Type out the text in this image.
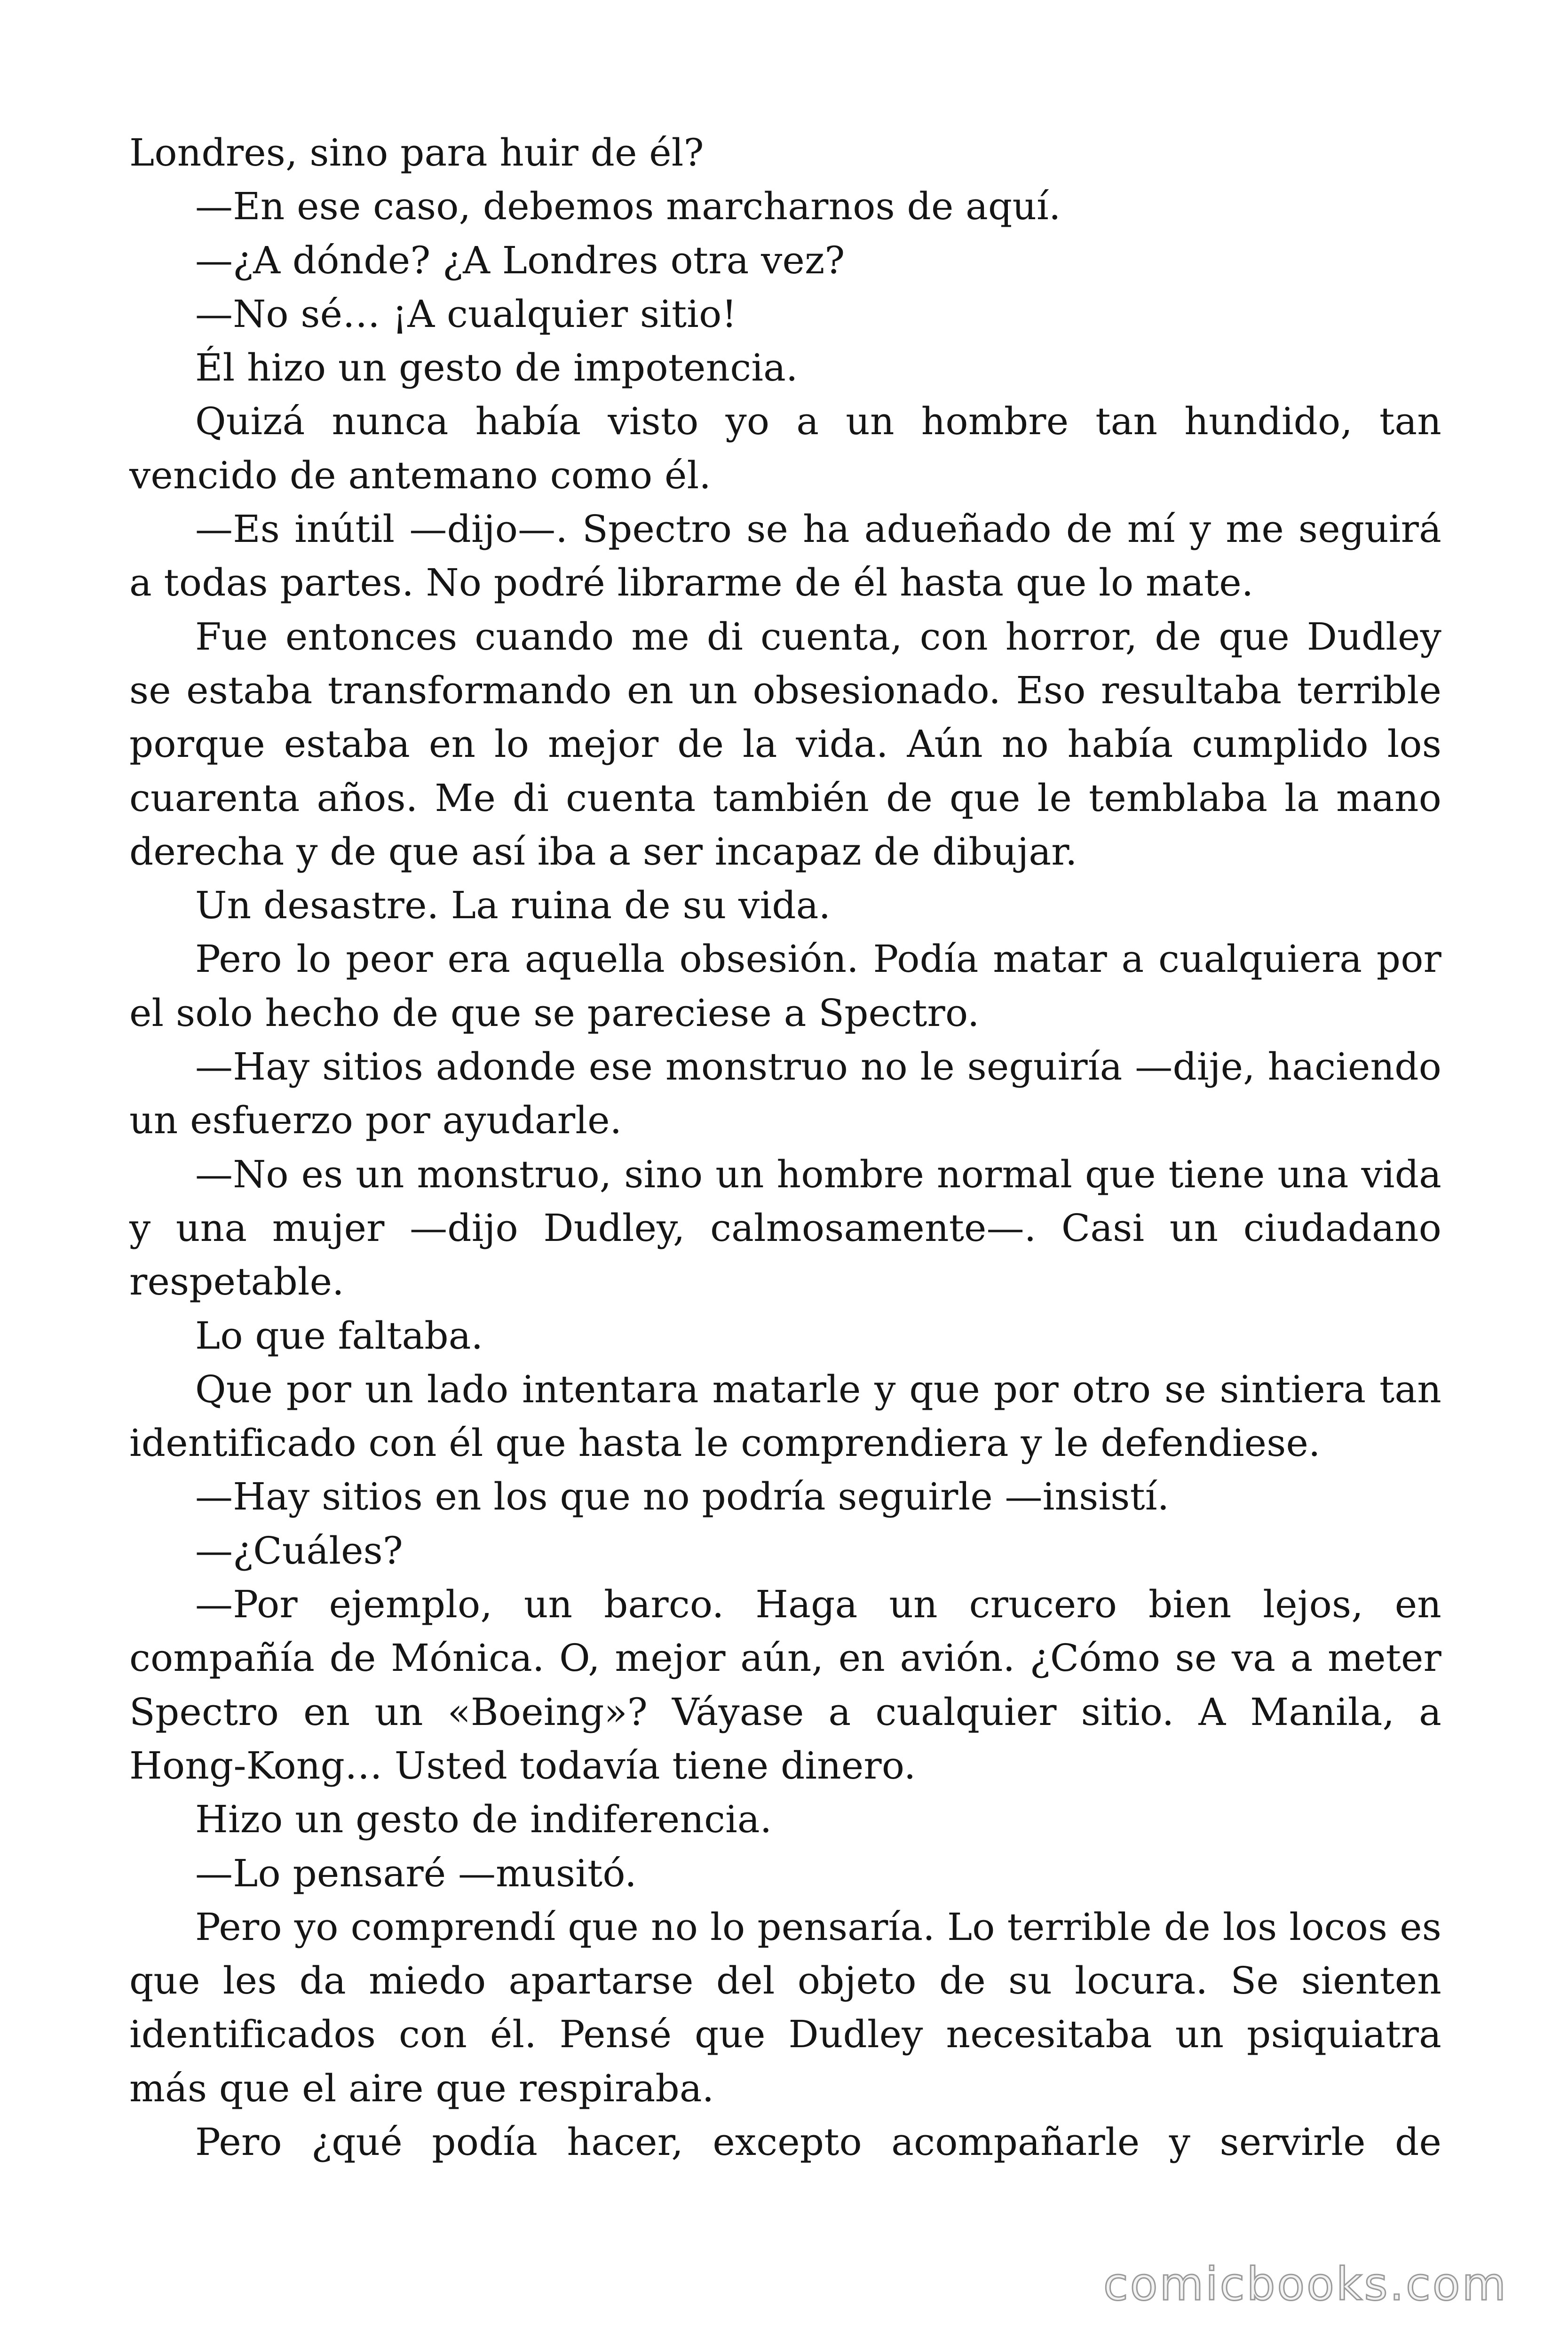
Londres, sino para huir de él?

—En ese caso, debemos marcharnos de aquí.

—¿A dónde? ¿A Londres otra vez?

—No sé… ¡A cualquier sitio!

Él hizo un gesto de impotencia.

Quizá nunca había visto yo a un hombre tan hundido, tan vencido de antemano como él.

—Es inútil —dijo—. Spectro se ha adueñado de mí y me seguirá a todas partes. No podré librarme de él hasta que lo mate.

Fue entonces cuando me di cuenta, con horror, de que Dudley se estaba transformando en un obsesionado. Eso resultaba terrible porque estaba en lo mejor de la vida. Aún no había cumplido los cuarenta años. Me di cuenta también de que le temblaba la mano derecha y de que así iba a ser incapaz de dibujar.

Un desastre. La ruina de su vida.

Pero lo peor era aquella obsesión. Podía matar a cualquiera por el solo hecho de que se pareciese a Spectro.

—Hay sitios adonde ese monstruo no le seguiría —dije, haciendo un esfuerzo por ayudarle.

—No es un monstruo, sino un hombre normal que tiene una vida y una mujer —dijo Dudley, calmosamente—. Casi un ciudadano respetable.

Lo que faltaba.

Que por un lado intentara matarle y que por otro se sintiera tan identificado con él que hasta le comprendiera y le defendiese.

—Hay sitios en los que no podría seguirle —insistí.

—¿Cuáles?

—Por ejemplo, un barco. Haga un crucero bien lejos, en compañía de Mónica. O, mejor aún, en avión. ¿Cómo se va a meter Spectro en un «Boeing»? Váyase a cualquier sitio. A Manila, a Hong-Kong… Usted todavía tiene dinero.

Hizo un gesto de indiferencia.

—Lo pensaré —musitó.

Pero yo comprendí que no lo pensaría. Lo terrible de los locos es que les da miedo apartarse del objeto de su locura. Se sienten identificados con él. Pensé que Dudley necesitaba un psiquiatra más que el aire que respiraba.

Pero ¿qué podía hacer, excepto acompañarle y servirle de

comicbooks.com
